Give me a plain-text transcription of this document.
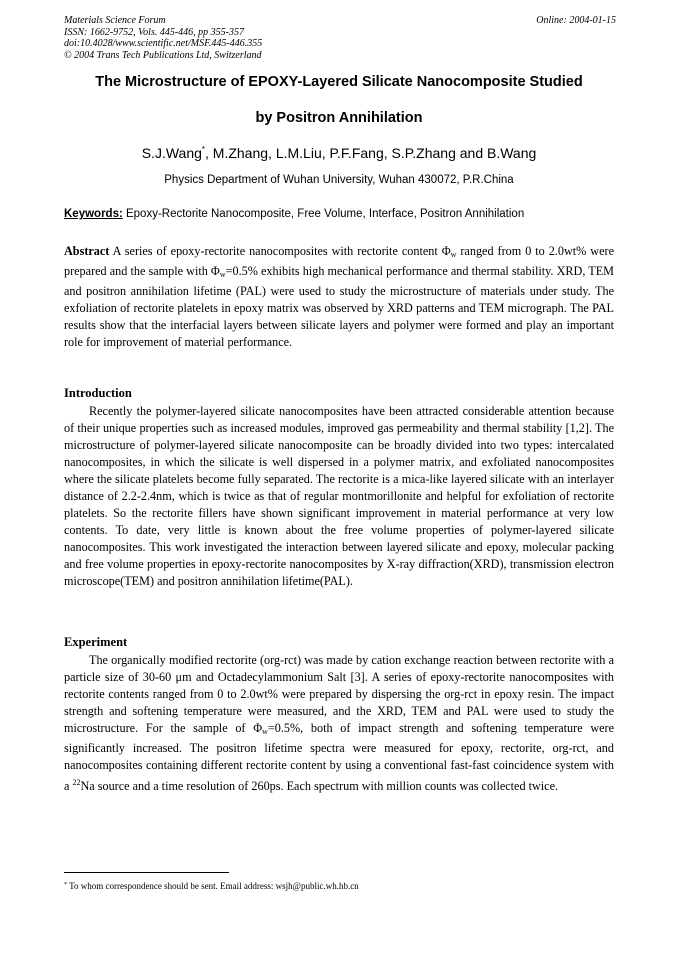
Materials Science Forum
ISSN: 1662-9752, Vols. 445-446, pp 355-357
doi:10.4028/www.scientific.net/MSF.445-446.355
© 2004 Trans Tech Publications Ltd, Switzerland
Online: 2004-01-15
The Microstructure of EPOXY-Layered Silicate Nanocomposite Studied
by Positron Annihilation
S.J.Wang*, M.Zhang, L.M.Liu, P.F.Fang, S.P.Zhang and B.Wang
Physics Department of Wuhan University, Wuhan 430072, P.R.China
Keywords: Epoxy-Rectorite Nanocomposite, Free Volume, Interface, Positron Annihilation
Abstract A series of epoxy-rectorite nanocomposites with rectorite content $\Phi_w$ ranged from 0 to 2.0wt% were prepared and the sample with $\Phi_w=0.5\%$ exhibits high mechanical performance and thermal stability. XRD, TEM and positron annihilation lifetime (PAL) were used to study the microstructure of materials under study. The exfoliation of rectorite platelets in epoxy matrix was observed by XRD patterns and TEM micrograph. The PAL results show that the interfacial layers between silicate layers and polymer were formed and play an important role for improvement of material performance.
Introduction
Recently the polymer-layered silicate nanocomposites have been attracted considerable attention because of their unique properties such as increased modules, improved gas permeability and thermal stability [1,2]. The microstructure of polymer-layered silicate nanocomposite can be broadly divided into two types: intercalated nanocomposites, in which the silicate is well dispersed in a polymer matrix, and exfoliated nanocomposites where the silicate platelets become fully separated. The rectorite is a mica-like layered silicate with an interlayer distance of 2.2-2.4nm, which is twice as that of regular montmorillonite and helpful for exfoliation of rectorite platelets. So the rectorite fillers have shown significant improvement in material performance at very low contents. To date, very little is known about the free volume properties of polymer-layered silicate nanocomposites. This work investigated the interaction between layered silicate and epoxy, molecular packing and free volume properties in epoxy-rectorite nanocomposites by X-ray diffraction(XRD), transmission electron microscope(TEM) and positron annihilation lifetime(PAL).
Experiment
The organically modified rectorite (org-rct) was made by cation exchange reaction between rectorite with a particle size of 30-60 μm and Octadecylammonium Salt [3]. A series of epoxy-rectorite nanocomposites with rectorite contents ranged from 0 to 2.0wt% were prepared by dispersing the org-rct in epoxy resin. The impact strength and softening temperature were measured, and the XRD, TEM and PAL were used to study the microstructure. For the sample of $\Phi_w=0.5\%$, both of impact strength and softening temperature were significantly increased. The positron lifetime spectra were measured for epoxy, rectorite, org-rct, and nanocomposites containing different rectorite content by using a conventional fast-fast coincidence system with a $^{22}$Na source and a time resolution of 260ps. Each spectrum with million counts was collected twice.
* To whom correspondence should be sent. Email address: wsjh@public.wh.hb.cn
